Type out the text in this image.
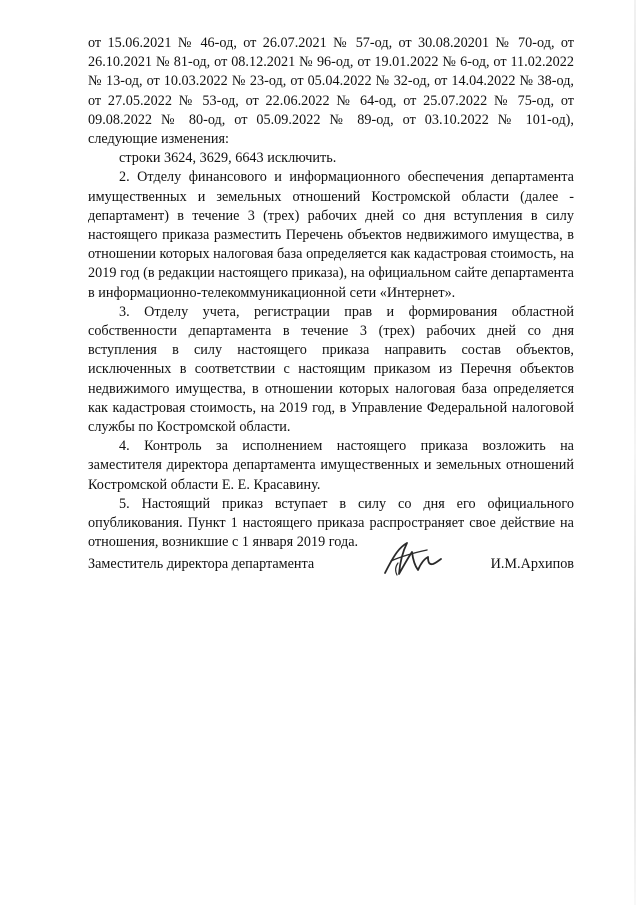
от 15.06.2021 № 46-од, от 26.07.2021 № 57-од, от 30.08.20201 № 70-од, от 26.10.2021 № 81-од, от 08.12.2021 № 96-од, от 19.01.2022 № 6-од, от 11.02.2022 № 13-од, от 10.03.2022 № 23-од, от 05.04.2022 № 32-од, от 14.04.2022 № 38-од, от 27.05.2022 № 53-од, от 22.06.2022 № 64-од, от 25.07.2022 № 75-од, от 09.08.2022 № 80-од, от 05.09.2022 № 89-од, от 03.10.2022 № 101-од), следующие изменения:

строки 3624, 3629, 6643 исключить.

2. Отделу финансового и информационного обеспечения департамента имущественных и земельных отношений Костромской области (далее - департамент) в течение 3 (трех) рабочих дней со дня вступления в силу настоящего приказа разместить Перечень объектов недвижимого имущества, в отношении которых налоговая база определяется как кадастровая стоимость, на 2019 год (в редакции настоящего приказа), на официальном сайте департамента в информационно-телекоммуникационной сети «Интернет».

3. Отделу учета, регистрации прав и формирования областной собственности департамента в течение 3 (трех) рабочих дней со дня вступления в силу настоящего приказа направить состав объектов, исключенных в соответствии с настоящим приказом из Перечня объектов недвижимого имущества, в отношении которых налоговая база определяется как кадастровая стоимость, на 2019 год, в Управление Федеральной налоговой службы по Костромской области.

4. Контроль за исполнением настоящего приказа возложить на заместителя директора департамента имущественных и земельных отношений Костромской области Е. Е. Красавину.

5. Настоящий приказ вступает в силу со дня его официального опубликования. Пункт 1 настоящего приказа распространяет свое действие на отношения, возникшие с 1 января 2019 года.

Заместитель директора департамента	И.М.Архипов
